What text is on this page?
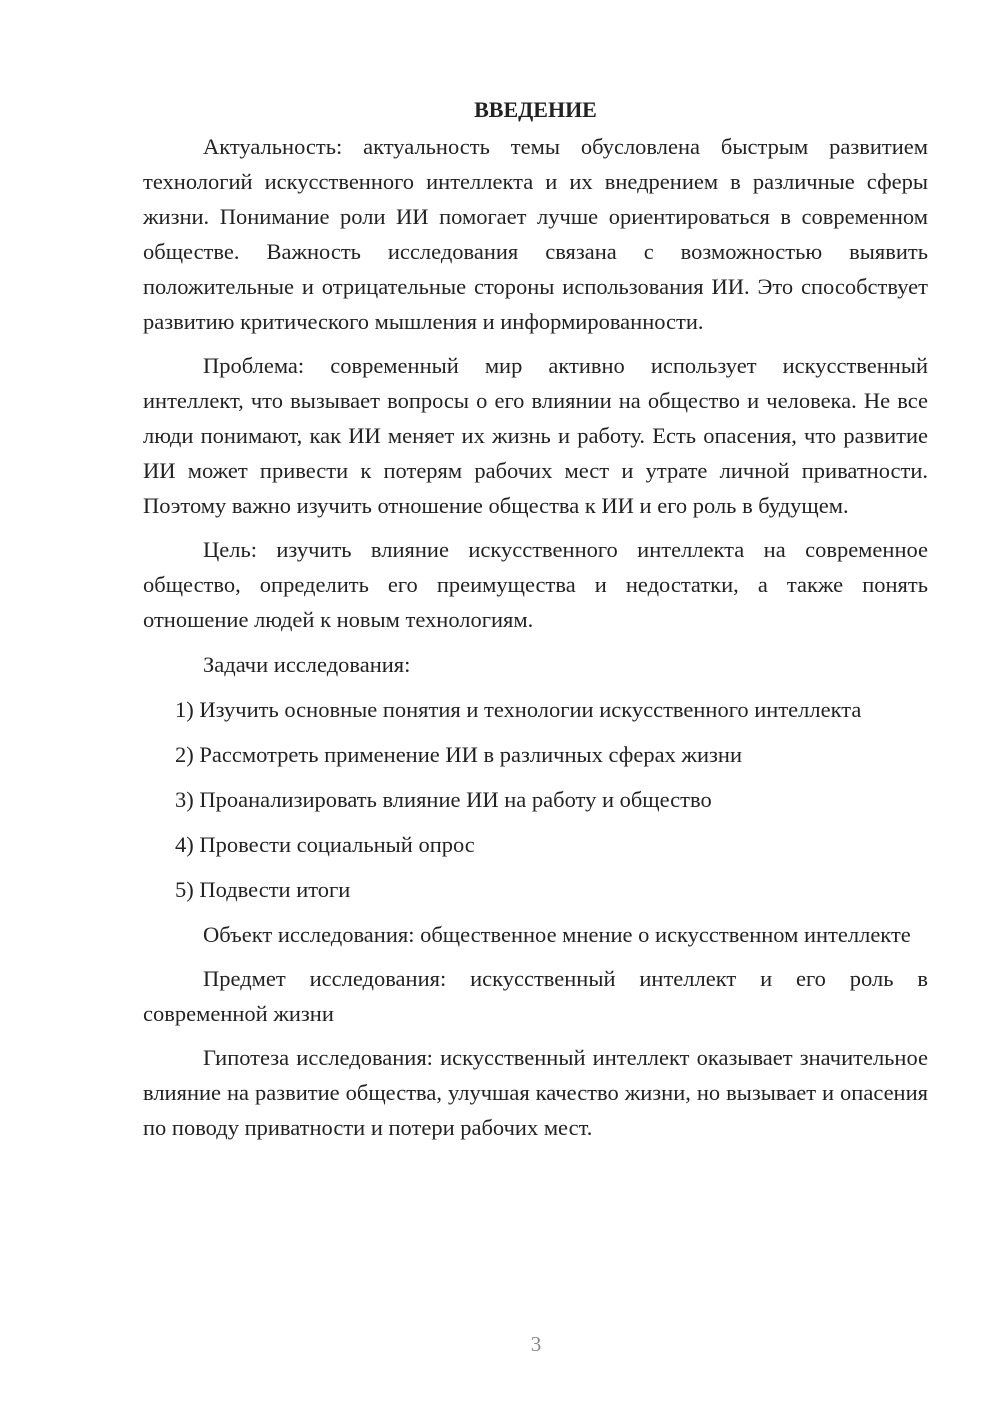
ВВЕДЕНИЕ

Актуальность: актуальность темы обусловлена быстрым развитием технологий искусственного интеллекта и их внедрением в различные сферы жизни. Понимание роли ИИ помогает лучше ориентироваться в современном обществе. Важность исследования связана с возможностью выявить положительные и отрицательные стороны использования ИИ. Это способствует развитию критического мышления и информированности.

Проблема: современный мир активно использует искусственный интеллект, что вызывает вопросы о его влиянии на общество и человека. Не все люди понимают, как ИИ меняет их жизнь и работу. Есть опасения, что развитие ИИ может привести к потерям рабочих мест и утрате личной приватности. Поэтому важно изучить отношение общества к ИИ и его роль в будущем.

Цель: изучить влияние искусственного интеллекта на современное общество, определить его преимущества и недостатки, а также понять отношение людей к новым технологиям.

Задачи исследования:

1) Изучить основные понятия и технологии искусственного интеллекта

2) Рассмотреть применение ИИ в различных сферах жизни

3) Проанализировать влияние ИИ на работу и общество

4) Провести социальный опрос

5) Подвести итоги

Объект исследования: общественное мнение о искусственном интеллекте

Предмет исследования: искусственный интеллект и его роль в современной жизни

Гипотеза исследования: искусственный интеллект оказывает значительное влияние на развитие общества, улучшая качество жизни, но вызывает и опасения по поводу приватности и потери рабочих мест.

3
